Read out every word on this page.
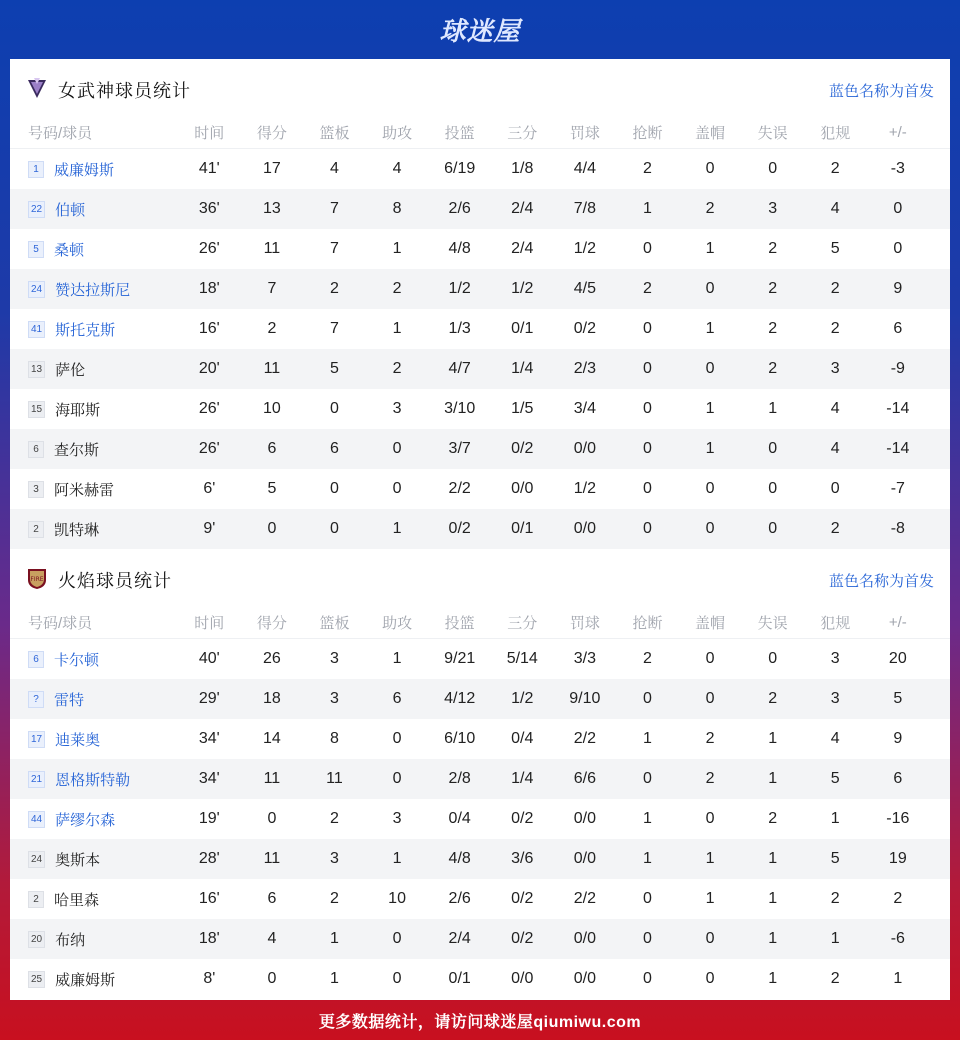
球迷屋
女武神球员统计	蓝色名称为首发
号码/球员	时间	得分	篮板	助攻	投篮	三分	罚球	抢断	盖帽	失误	犯规	+/-
1	威廉姆斯	41'	17	4	4	6/19	1/8	4/4	2	0	0	2	-3
22 伯顿	36'	13	7	8	2/6	2/4	7/8	1	2	3	4	0
5	桑顿	26'	11	7	1	4/8	2/4	1/2	0	1	2	5	0
24 赞达拉斯尼	18'	7	2	2	1/2	1/2	4/5	2	0	2	2	9
41 斯托克斯	16'	2	7	1	1/3	0/1	0/2	0	1	2	2	6
13 萨伦	20'	11	5	2	4/7	1/4	2/3	0	0	2	3	-9
15 海耶斯	26'	10	0	3	3/10	1/5	3/4	0	1	1	4	-14
6	查尔斯	26'	6	6	0	3/7	0/2	0/0	0	1	0	4	-14
3	阿米赫雷	6'	5	0	0	2/2	0/0	1/2	0	0	0	0	-7
2	凯特琳	9'	0	0	1	0/2	0/1	0/0	0	0	0	2	-8
FIRE 火焰球员统计	蓝色名称为首发
号码/球员	时间	得分	篮板	助攻	投篮	三分	罚球	抢断	盖帽	失误	犯规	+/-
6	卡尔顿	40'	26	3	1	9/21	5/14	3/3	2	0	0	3	20
?	雷特	29'	18	3	6	4/12	1/2	9/10	0	0	2	3	5
17 迪莱奥	34'	14	8	0	6/10	0/4	2/2	1	2	1	4	9
21 恩格斯特勒	34'	11	11	0	2/8	1/4	6/6	0	2	1	5	6
44 萨缪尔森	19'	0	2	3	0/4	0/2	0/0	1	0	2	1	-16
24 奥斯本	28'	11	3	1	4/8	3/6	0/0	1	1	1	5	19
2	哈里森	16'	6	2	10	2/6	0/2	2/2	0	1	1	2	2
20 布纳	18'	4	1	0	2/4	0/2	0/0	0	0	1	1	-6
25 威廉姆斯	8'	0	1	0	0/1	0/0	0/0	0	0	1	2	1
更多数据统计，请访问球迷屋qiumiwu.com
